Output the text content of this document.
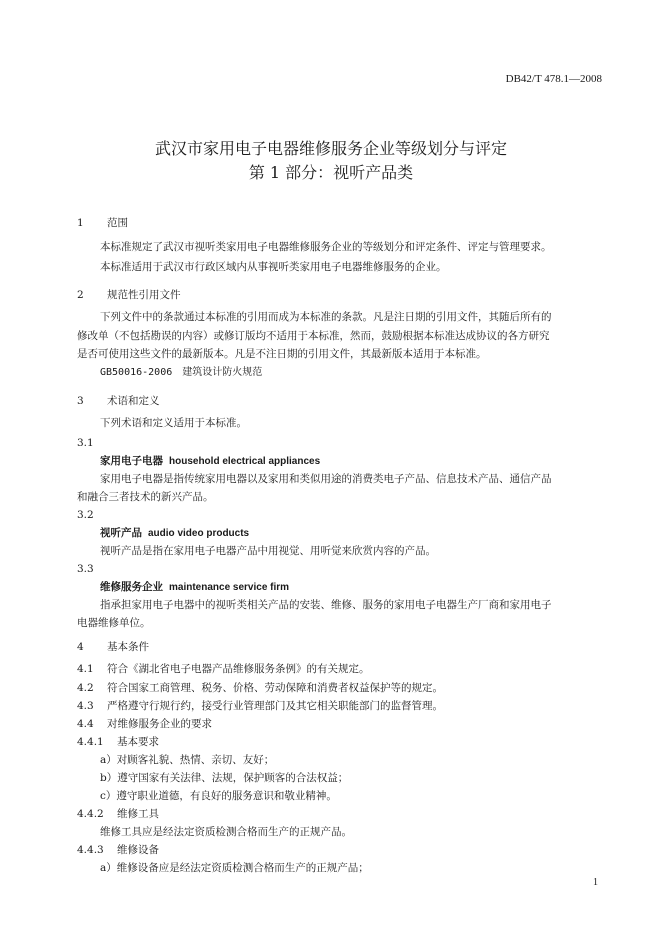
DB42/T 478.1—2008
武汉市家用电子电器维修服务企业等级划分与评定
第 1 部分：视听产品类
1 范围
本标准规定了武汉市视听类家用电子电器维修服务企业的等级划分和评定条件、评定与管理要求。
本标准适用于武汉市行政区域内从事视听类家用电子电器维修服务的企业。
2 规范性引用文件
下列文件中的条款通过本标准的引用而成为本标准的条款。凡是注日期的引用文件，其随后所有的
修改单（不包括勘误的内容）或修订版均不适用于本标准，然而，鼓励根据本标准达成协议的各方研究
是否可使用这些文件的最新版本。凡是不注日期的引用文件，其最新版本适用于本标准。
GB50016-2006　建筑设计防火规范
3 术语和定义
下列术语和定义适用于本标准。
3.1
家用电子电器 household electrical appliances
家用电子电器是指传统家用电器以及家用和类似用途的消费类电子产品、信息技术产品、通信产品
和融合三者技术的新兴产品。
3.2
视听产品 audio video products
视听产品是指在家用电子电器产品中用视觉、用听觉来欣赏内容的产品。
3.3
维修服务企业 maintenance service firm
指承担家用电子电器中的视听类相关产品的安装、维修、服务的家用电子电器生产厂商和家用电子
电器维修单位。
4 基本条件
4.1 符合《湖北省电子电器产品维修服务条例》的有关规定。
4.2 符合国家工商管理、税务、价格、劳动保障和消费者权益保护等的规定。
4.3 严格遵守行规行约，接受行业管理部门及其它相关职能部门的监督管理。
4.4 对维修服务企业的要求
4.4.1 基本要求
a）对顾客礼貌、热情、亲切、友好；
b）遵守国家有关法律、法规，保护顾客的合法权益；
c）遵守职业道德，有良好的服务意识和敬业精神。
4.4.2 维修工具
维修工具应是经法定资质检测合格而生产的正规产品。
4.4.3 维修设备
a）维修设备应是经法定资质检测合格而生产的正规产品；
1
